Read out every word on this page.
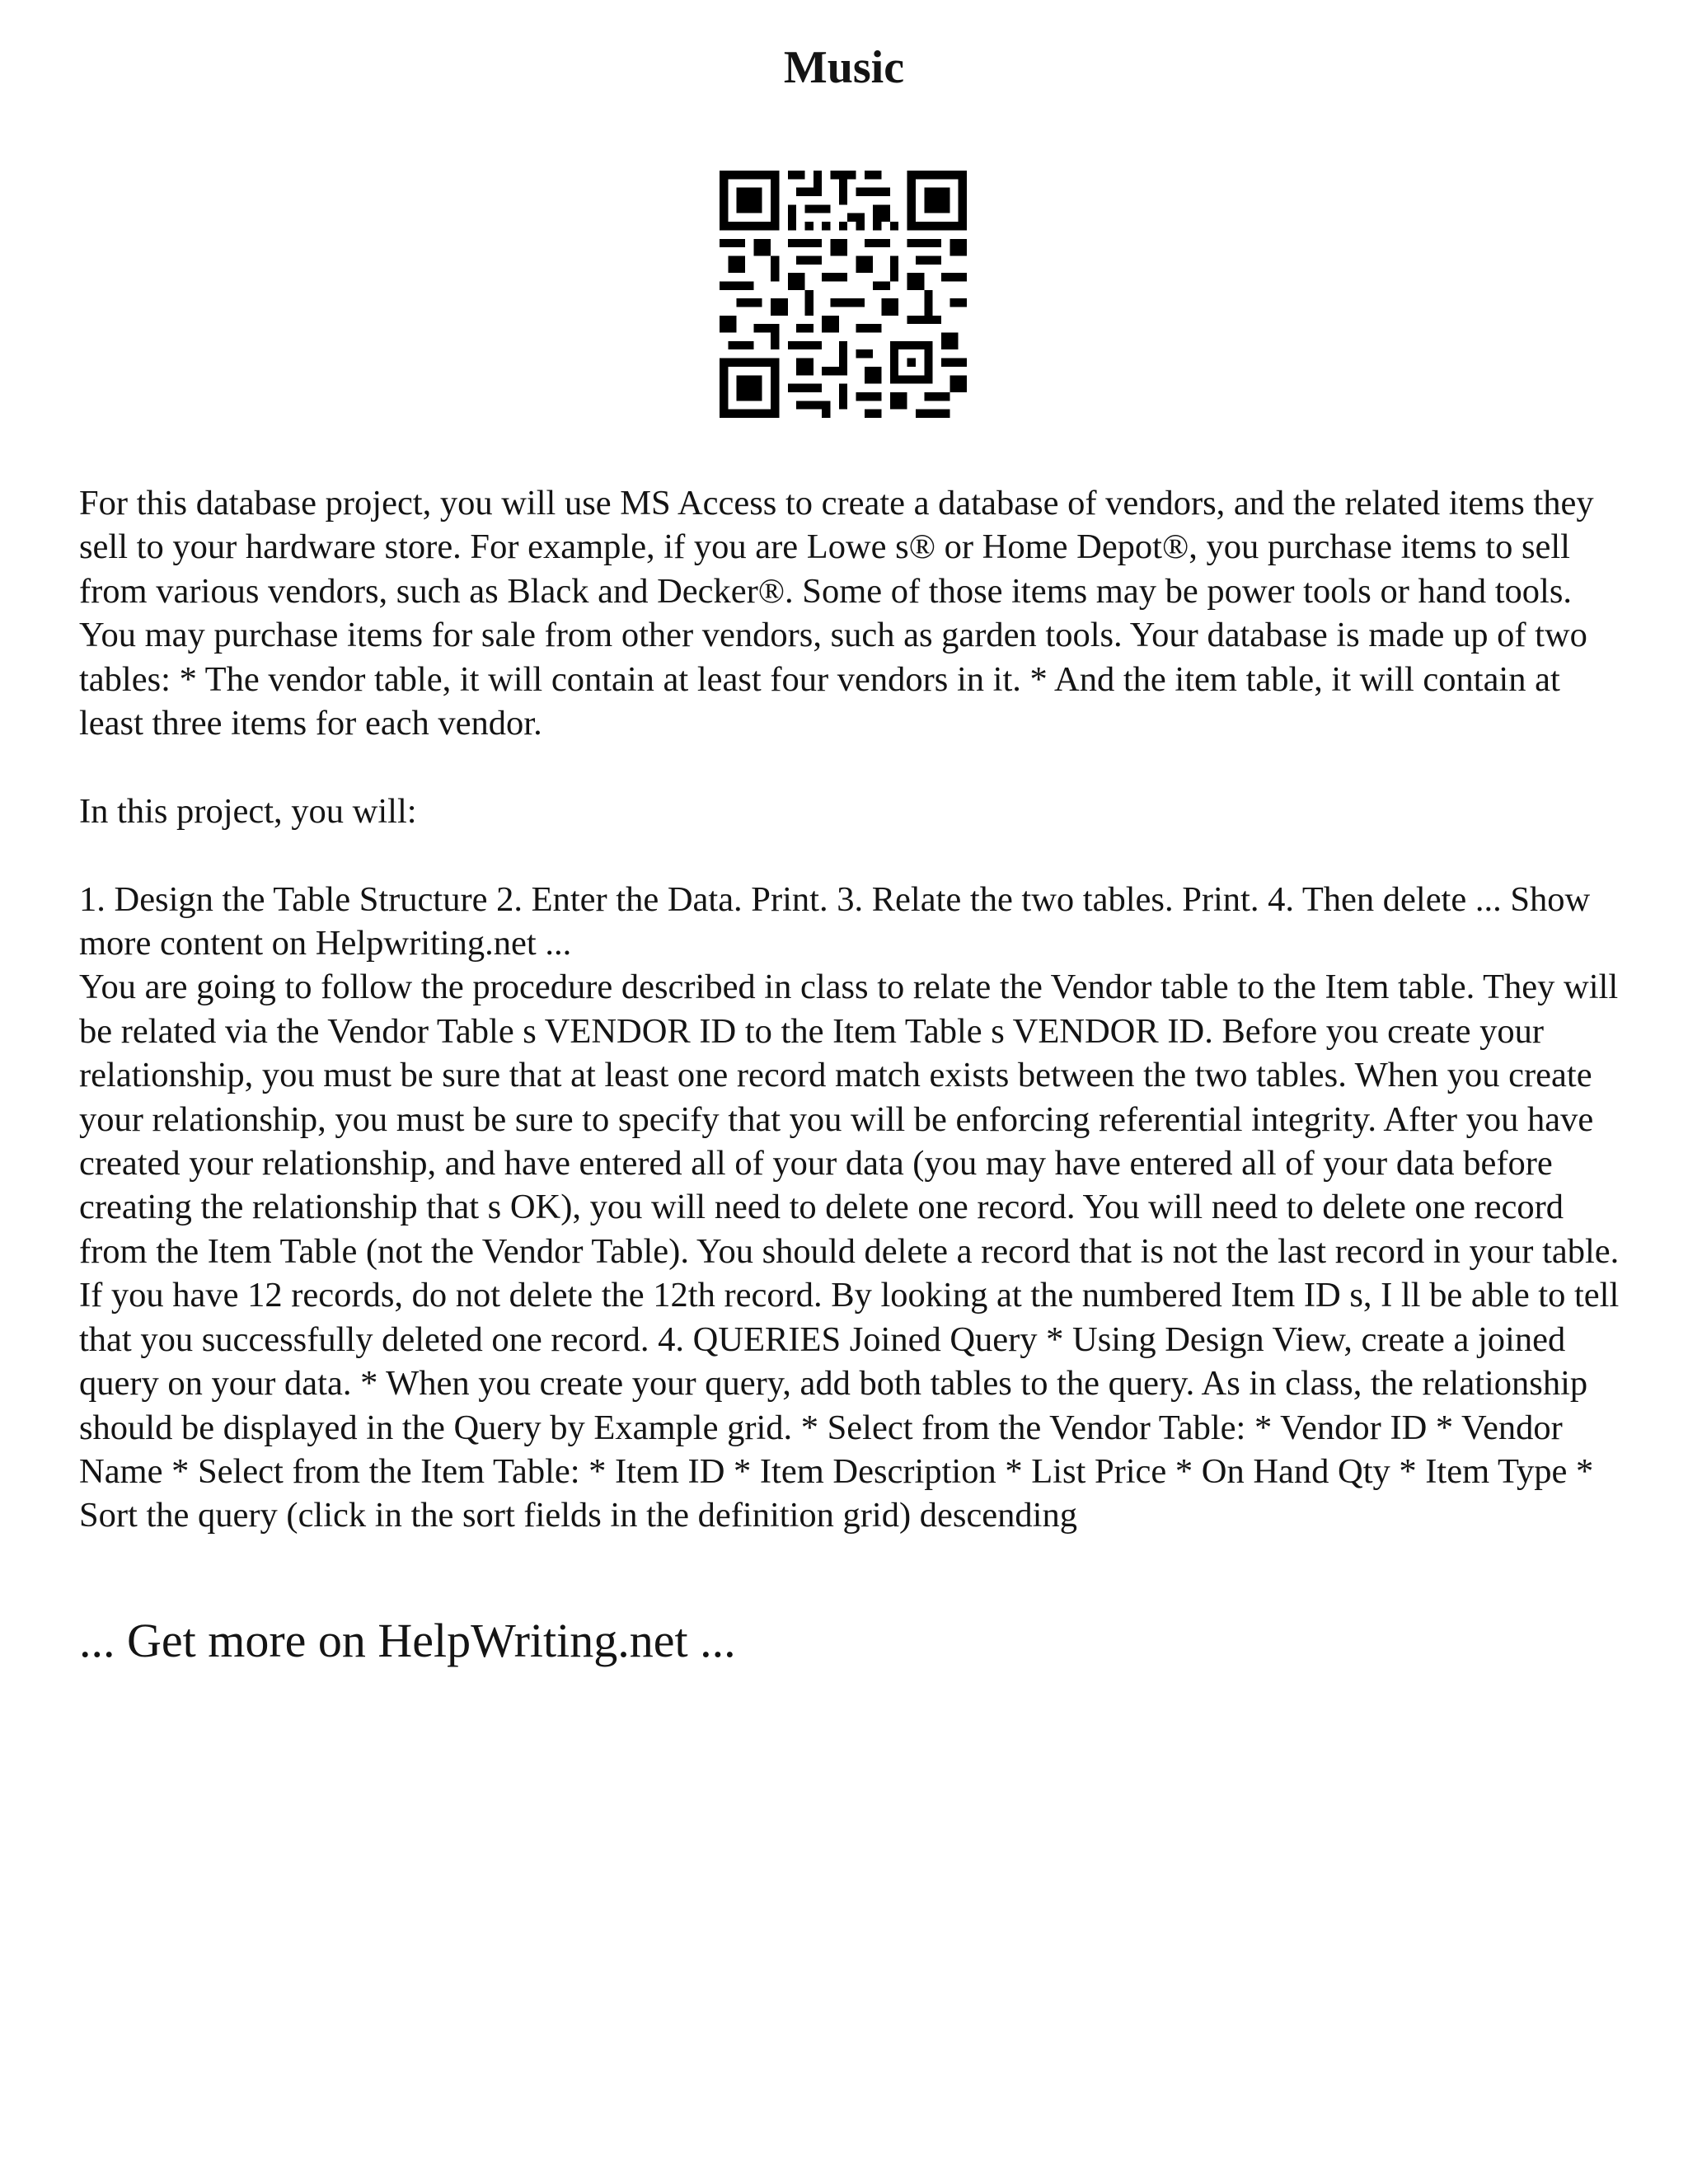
Music

For this database project, you will use MS Access to create a database of vendors, and the related items they sell to your hardware store. For example, if you are Lowe s® or Home Depot®, you purchase items to sell from various vendors, such as Black and Decker®. Some of those items may be power tools or hand tools. You may purchase items for sale from other vendors, such as garden tools. Your database is made up of two tables: * The vendor table, it will contain at least four vendors in it. * And the item table, it will contain at least three items for each vendor.

In this project, you will:

1. Design the Table Structure 2. Enter the Data. Print. 3. Relate the two tables. Print. 4. Then delete ... Show more content on Helpwriting.net ...

You are going to follow the procedure described in class to relate the Vendor table to the Item table. They will be related via the Vendor Table s VENDOR ID to the Item Table s VENDOR ID. Before you create your relationship, you must be sure that at least one record match exists between the two tables. When you create your relationship, you must be sure to specify that you will be enforcing referential integrity. After you have created your relationship, and have entered all of your data (you may have entered all of your data before creating the relationship that s OK), you will need to delete one record. You will need to delete one record from the Item Table (not the Vendor Table). You should delete a record that is not the last record in your table. If you have 12 records, do not delete the 12th record. By looking at the numbered Item ID s, I ll be able to tell that you successfully deleted one record. 4. QUERIES Joined Query * Using Design View, create a joined query on your data. * When you create your query, add both tables to the query. As in class, the relationship should be displayed in the Query by Example grid. * Select from the Vendor Table: * Vendor ID * Vendor Name * Select from the Item Table: * Item ID * Item Description * List Price * On Hand Qty * Item Type * Sort the query (click in the sort fields in the definition grid) descending

... Get more on HelpWriting.net ...
